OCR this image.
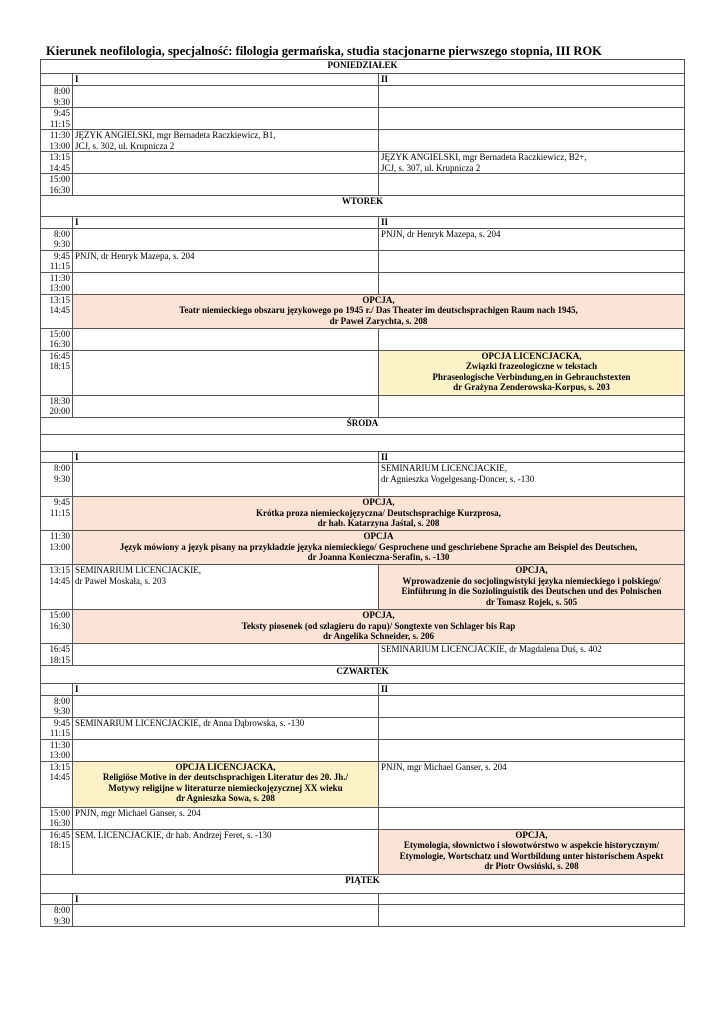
Kierunek neofilologia, specjalność: filologia germańska, studia stacjonarne pierwszego stopnia, III ROK
PONIEDZIAŁEK		
	I	II

8:00
9:30		

9:45
11:15		

11:30
13:00	JĘZYK ANGIELSKI, mgr Bernadeta Raczkiewicz, B1,
JCJ, s. 302, ul. Krupnicza 2	

13:15
14:45		JĘZYK ANGIELSKI, mgr Bernadeta Raczkiewicz, B2+,
JCJ, s. 307, ul. Krupnicza 2

15:00
16:30		

WTOREK		
	I	II

8:00
9:30		PNJN, dr Henryk Mazepa, s. 204

9:45
11:15	PNJN, dr Henryk Mazepa, s. 204	

11:30
13:00		

13:15
14:45	OPCJA,
Teatr niemieckiego obszaru językowego po 1945 r./ Das Theater im deutschsprachigen Raum nach 1945,
dr Paweł Zarychta, s. 208	

15:00
16:30		

16:45
18:15		OPCJA LICENCJACKA,
Związki frazeologiczne w tekstach
Phraseologische Verbindung,en in Gebrauchstexten
dr Grażyna Zenderowska-Korpus, s. 203

18:30
20:00		

ŚRODA		

	I	II

8:00
9:30		SEMINARIUM LICENCJACKIE,
dr Agnieszka Vogelgesang-Doncer, s. -130

9:45
11:15	OPCJA,
Krótka proza niemieckojęzyczna/ Deutschsprachige Kurzprosa,
dr hab. Katarzyna Jaśtal, s. 208	

11:30
13:00	OPCJA
Język mówiony a język pisany na przykładzie języka niemieckiego/ Gesprochene und geschriebene Sprache am Beispiel des Deutschen,
dr Joanna Konieczna-Serafin, s. -130	

13:15
14:45	SEMINARIUM LICENCJACKIE,
dr Paweł Moskała, s. 203	OPCJA,
Wprowadzenie do socjolingwistyki języka niemieckiego i polskiego/
Einführung in die Soziolinguistik des Deutschen und des Polnischen
dr Tomasz Rojek, s. 505

15:00
16:30	OPCJA,
Teksty piosenek (od szlagieru do rapu)/ Songtexte von Schlager bis Rap
dr Angelika Schneider, s. 206	

16:45
18:15		SEMINARIUM LICENCJACKIE, dr Magdalena Duś, s. 402
CZWARTEK		
	I	II

8:00
9:30		

9:45
11:15	SEMINARIUM LICENCJACKIE, dr Anna Dąbrowska, s. -130	

11:30
13:00		

13:15
14:45	OPCJA LICENCJACKA,
Religiöse Motive in der deutschsprachigen Literatur des 20. Jh./
Motywy religijne w literaturze niemieckojęzycznej XX wieku
dr Agnieszka Sowa, s. 208	PNJN, mgr Michael Ganser, s. 204

15:00
16:30	PNJN, mgr Michael Ganser, s. 204	

16:45
18:15	SEM. LICENCJACKIE, dr hab. Andrzej Feret, s. -130	OPCJA,
Etymologia, słownictwo i słowotwórstwo w aspekcie historycznym/
Etymologie, Wortschatz und Wortbildung unter historischem Aspekt
dr Piotr Owsiński, s. 208

PIĄTEK		
	I	

8:00
9:30		
